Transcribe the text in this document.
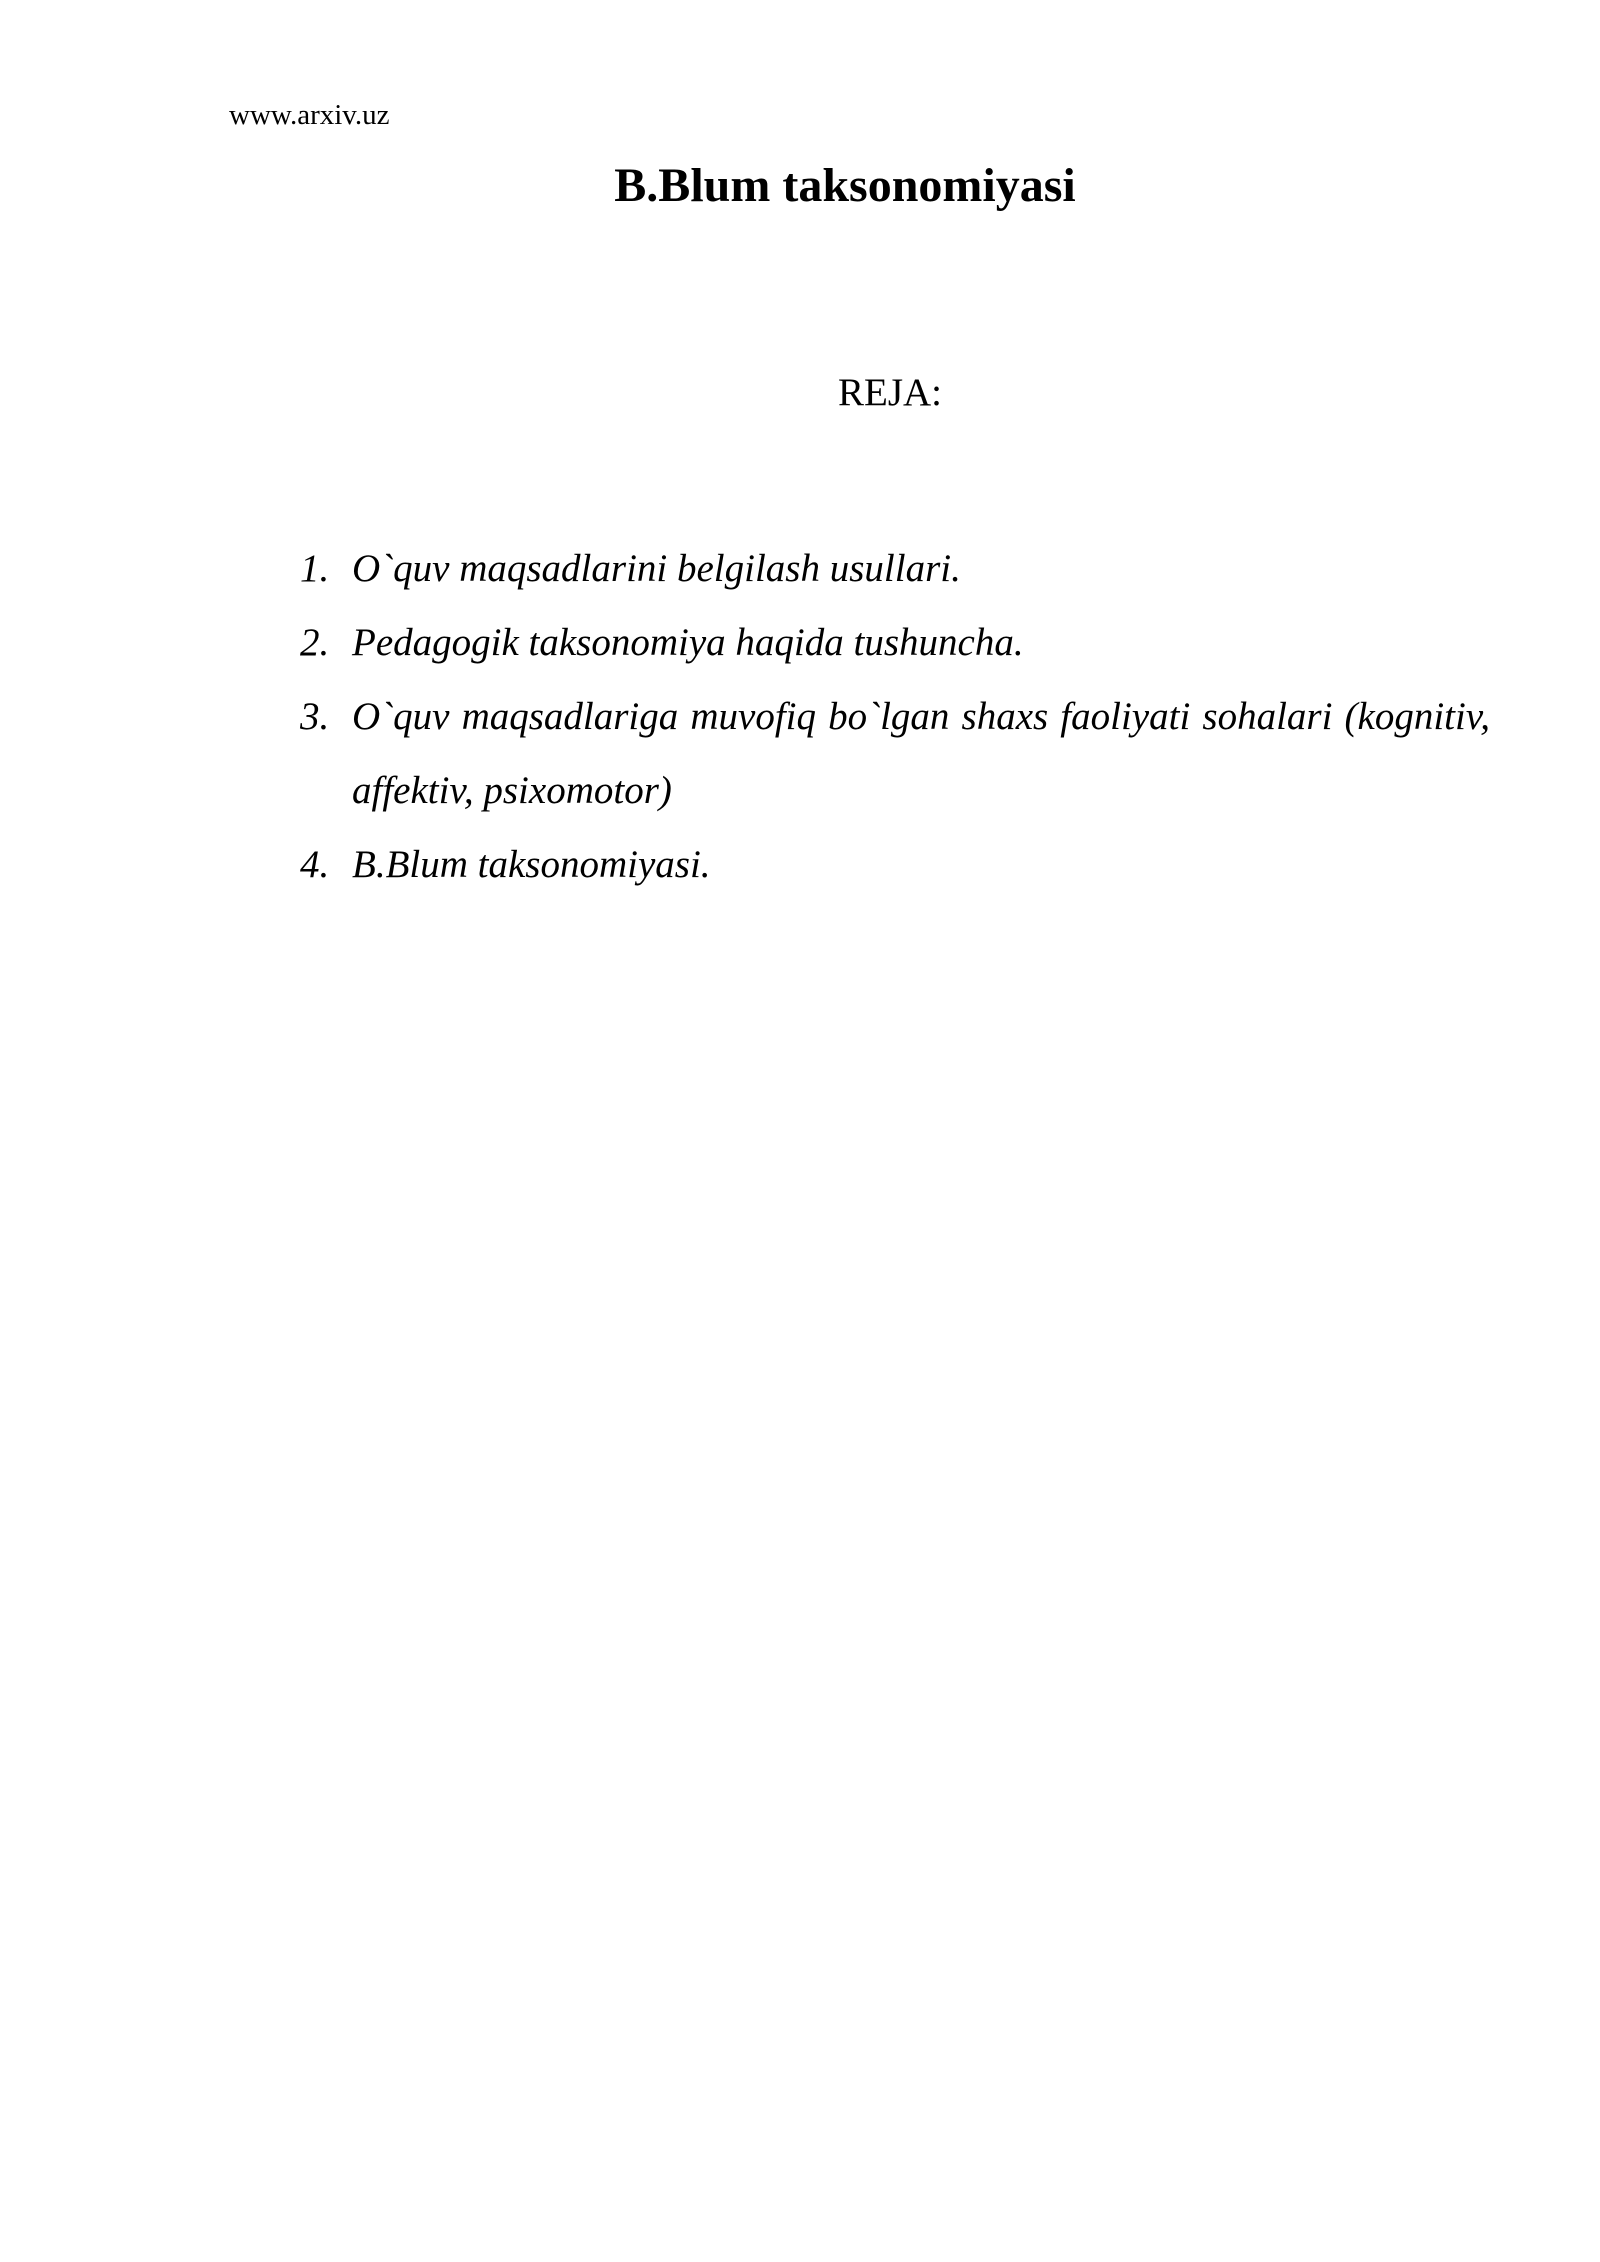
www.arxiv.uz
B.Blum taksonomiyasi
REJA:
1. O`quv maqsadlarini belgilash usullari.
2. Pedagogik taksonomiya haqida tushuncha.
3. O`quv maqsadlariga muvofiq bo`lgan shaxs faoliyati sohalari (kognitiv, affektiv, psixomotor)
4. B.Blum taksonomiyasi.
